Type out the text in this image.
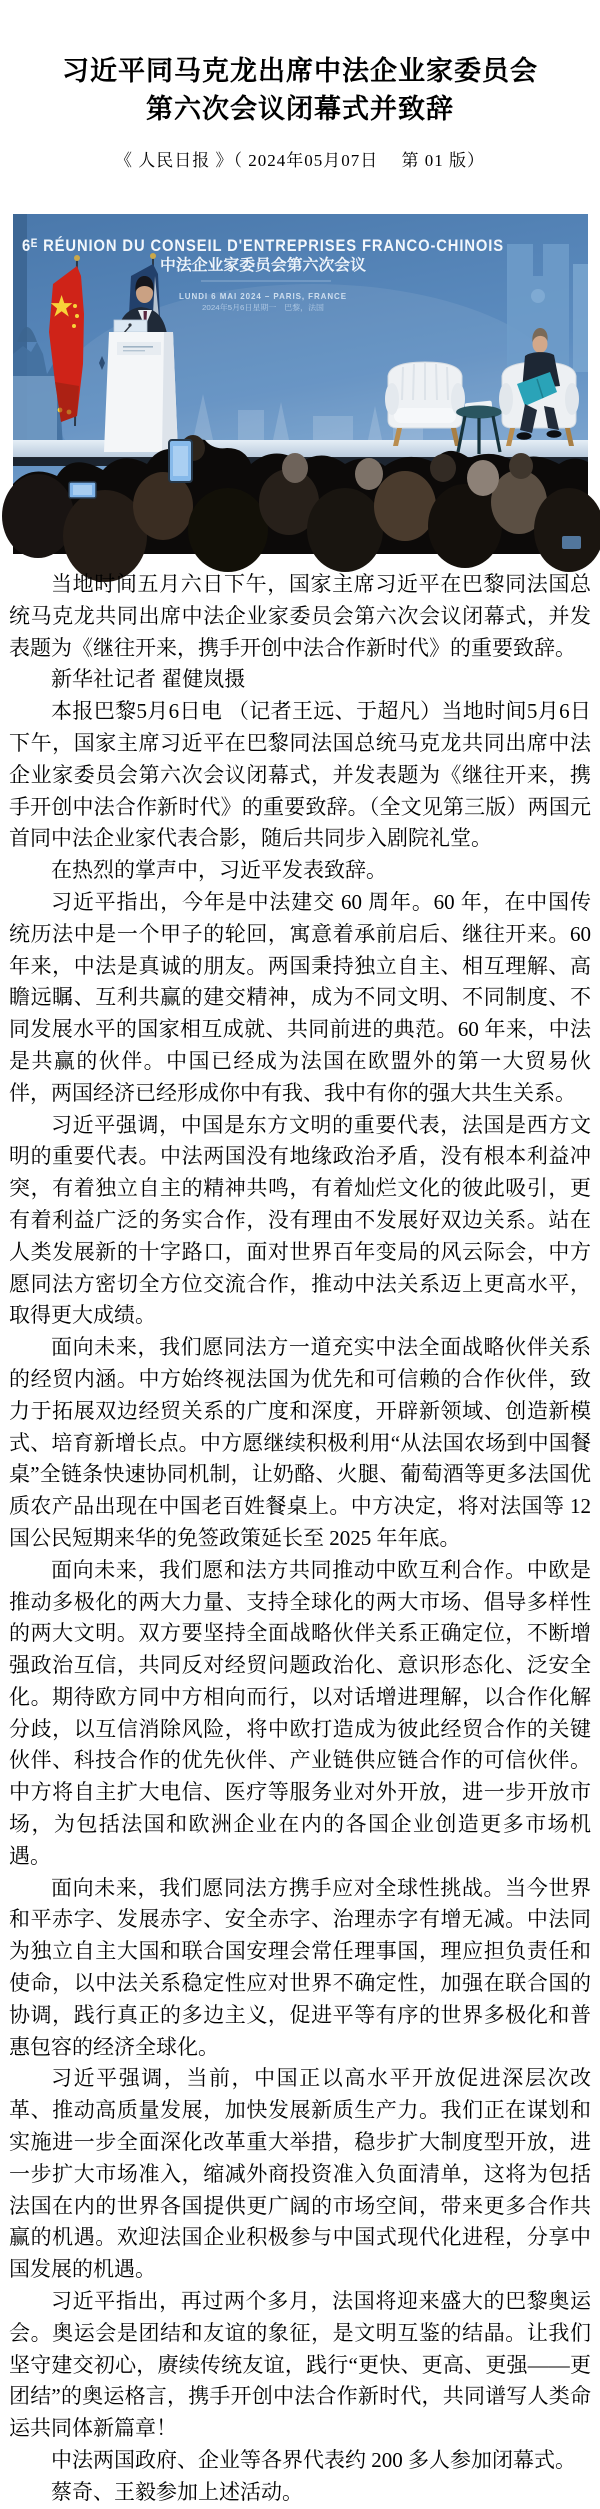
习近平同马克龙出席中法企业家委员会
第六次会议闭幕式并致辞
《 人民日报 》（ 2024年05月07日　 第 01 版）
6ᴱ RÉUNION DU CONSEIL D'ENTREPRISES FRANCO-CHINOIS
中法企业家委员会第六次会议
LUNDI 6 MAI 2024 – PARIS, FRANCE
2024年5月6日星期一　巴黎，法国

当地时间五月六日下午，国家主席习近平在巴黎同法国总统马克龙共同出席中法企业家委员会第六次会议闭幕式，并发表题为《继往开来，携手开创中法合作新时代》的重要致辞。

新华社记者 翟健岚摄

本报巴黎5月6日电 （记者王远、于超凡）当地时间5月6日下午，国家主席习近平在巴黎同法国总统马克龙共同出席中法企业家委员会第六次会议闭幕式，并发表题为《继往开来，携手开创中法合作新时代》的重要致辞。（全文见第三版）两国元首同中法企业家代表合影，随后共同步入剧院礼堂。

在热烈的掌声中，习近平发表致辞。

习近平指出，今年是中法建交 60 周年。60 年，在中国传统历法中是一个甲子的轮回，寓意着承前启后、继往开来。60 年来，中法是真诚的朋友。两国秉持独立自主、相互理解、高瞻远瞩、互利共赢的建交精神，成为不同文明、不同制度、不同发展水平的国家相互成就、共同前进的典范。60 年来，中法是共赢的伙伴。中国已经成为法国在欧盟外的第一大贸易伙伴，两国经济已经形成你中有我、我中有你的强大共生关系。

习近平强调，中国是东方文明的重要代表，法国是西方文明的重要代表。中法两国没有地缘政治矛盾，没有根本利益冲突，有着独立自主的精神共鸣，有着灿烂文化的彼此吸引，更有着利益广泛的务实合作，没有理由不发展好双边关系。站在人类发展新的十字路口，面对世界百年变局的风云际会，中方愿同法方密切全方位交流合作，推动中法关系迈上更高水平，取得更大成绩。

面向未来，我们愿同法方一道充实中法全面战略伙伴关系的经贸内涵。中方始终视法国为优先和可信赖的合作伙伴，致力于拓展双边经贸关系的广度和深度，开辟新领域、创造新模式、培育新增长点。中方愿继续积极利用“从法国农场到中国餐桌”全链条快速协同机制，让奶酪、火腿、葡萄酒等更多法国优质农产品出现在中国老百姓餐桌上。中方决定，将对法国等 12 国公民短期来华的免签政策延长至 2025 年年底。

面向未来，我们愿和法方共同推动中欧互利合作。中欧是推动多极化的两大力量、支持全球化的两大市场、倡导多样性的两大文明。双方要坚持全面战略伙伴关系正确定位，不断增强政治互信，共同反对经贸问题政治化、意识形态化、泛安全化。期待欧方同中方相向而行，以对话增进理解，以合作化解分歧，以互信消除风险，将中欧打造成为彼此经贸合作的关键伙伴、科技合作的优先伙伴、产业链供应链合作的可信伙伴。中方将自主扩大电信、医疗等服务业对外开放，进一步开放市场，为包括法国和欧洲企业在内的各国企业创造更多市场机遇。

面向未来，我们愿同法方携手应对全球性挑战。当今世界和平赤字、发展赤字、安全赤字、治理赤字有增无减。中法同为独立自主大国和联合国安理会常任理事国，理应担负责任和使命，以中法关系稳定性应对世界不确定性，加强在联合国的协调，践行真正的多边主义，促进平等有序的世界多极化和普惠包容的经济全球化。

习近平强调，当前，中国正以高水平开放促进深层次改革、推动高质量发展，加快发展新质生产力。我们正在谋划和实施进一步全面深化改革重大举措，稳步扩大制度型开放，进一步扩大市场准入，缩减外商投资准入负面清单，这将为包括法国在内的世界各国提供更广阔的市场空间，带来更多合作共赢的机遇。欢迎法国企业积极参与中国式现代化进程，分享中国发展的机遇。

习近平指出，再过两个多月，法国将迎来盛大的巴黎奥运会。奥运会是团结和友谊的象征，是文明互鉴的结晶。让我们坚守建交初心，赓续传统友谊，践行“更快、更高、更强——更团结”的奥运格言，携手开创中法合作新时代，共同谱写人类命运共同体新篇章！

中法两国政府、企业等各界代表约 200 多人参加闭幕式。

蔡奇、王毅参加上述活动。
